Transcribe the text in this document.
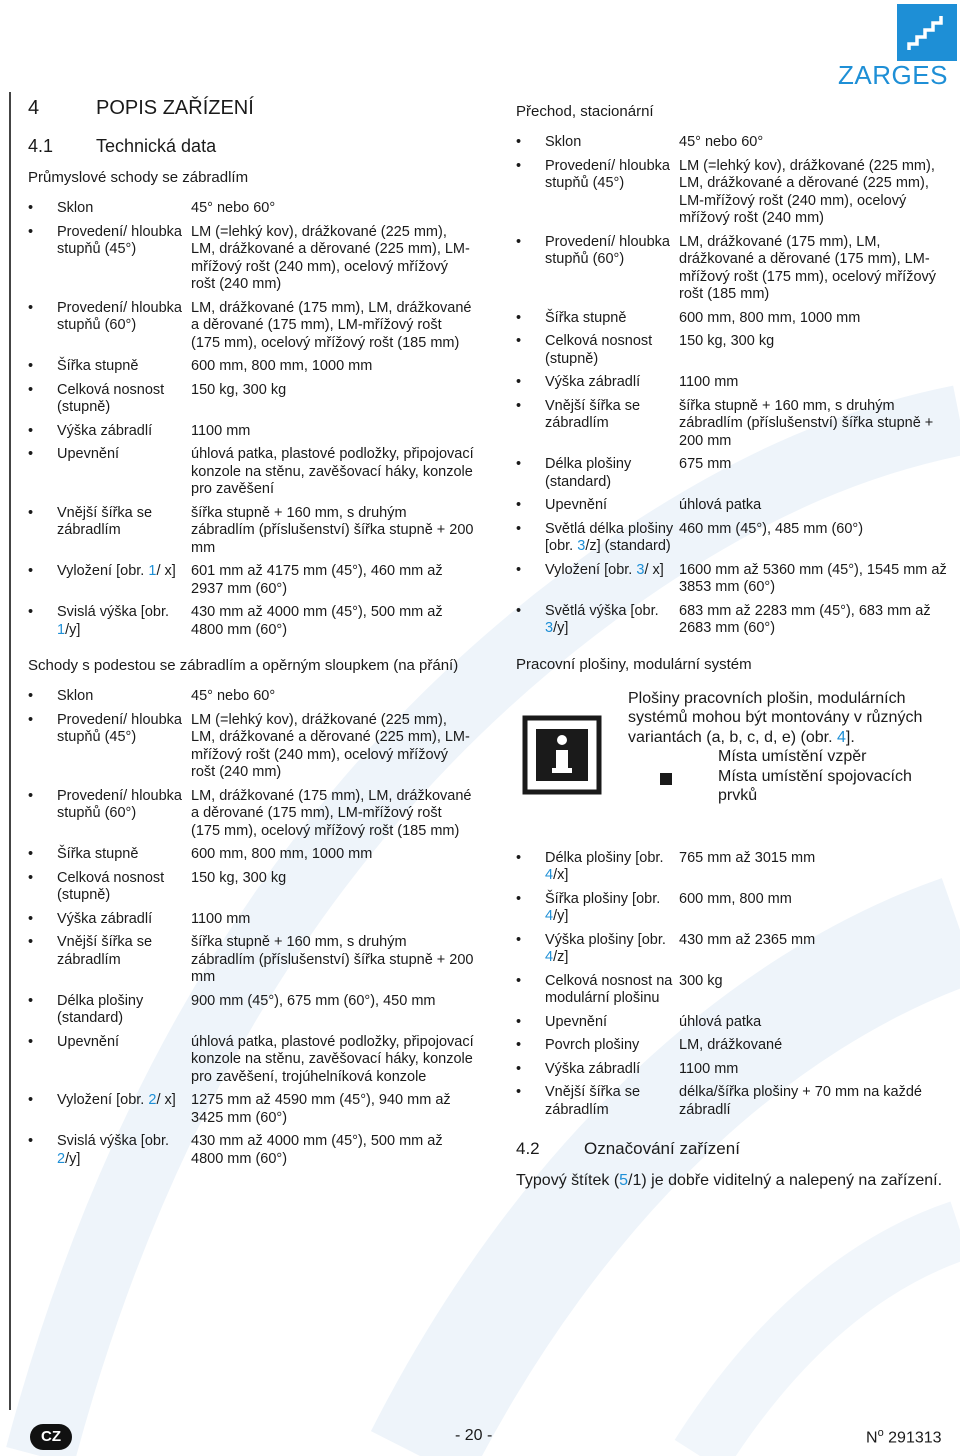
ZARGES
4	POPIS ZAŘÍZENÍ
4.1	Technická data
Průmyslové schody se zábradlím
•	Sklon	45° nebo 60°
•	Provedení/ hloubka stupňů (45°)
LM (=lehký kov), drážkované (225 mm), LM, drážkované a děrované (225 mm), LM-mřížový rošt (240 mm), ocelový mřížový rošt (240 mm)
•	Provedení/ hloubka stupňů (60°)
LM, drážkované (175 mm), LM, drážkované a děrované (175 mm), LM-mřížový rošt (175 mm), ocelový mřížový rošt (185 mm)
•	Šířka stupně	600 mm, 800 mm, 1000 mm
•	Celková nosnost (stupně)
150 kg, 300 kg
•	Výška zábradlí	1100 mm
•	Upevnění	úhlová patka, plastové podložky, připojovací konzole na stěnu, zavěšovací háky, konzole pro zavěšení
•	Vnější šířka se zábradlím
šířka stupně + 160 mm, s druhým zábradlím (příslušenství) šířka stupně + 200 mm
•	Vyložení [obr. 1/ x]	601 mm až 4175 mm (45°), 460 mm až 2937 mm (60°)
•	Svislá výška [obr. 1/y]
430 mm až 4000 mm (45°), 500 mm až 4800 mm (60°)
Schody s podestou se zábradlím a opěrným sloupkem (na přání)
•	Sklon	45° nebo 60°
•	Provedení/ hloubka stupňů (45°)
LM (=lehký kov), drážkované (225 mm), LM, drážkované a děrované (225 mm), LM-mřížový rošt (240 mm), ocelový mřížový rošt (240 mm)
•	Provedení/ hloubka stupňů (60°)
LM, drážkované (175 mm), LM, drážkované a děrované (175 mm), LM-mřížový rošt (175 mm), ocelový mřížový rošt (185 mm)
•	Šířka stupně	600 mm, 800 mm, 1000 mm
•	Celková nosnost (stupně)
150 kg, 300 kg
•	Výška zábradlí	1100 mm
•	Vnější šířka se zábradlím
šířka stupně + 160 mm, s druhým zábradlím (příslušenství) šířka stupně + 200 mm
•	Délka plošiny (standard)
900 mm (45°), 675 mm (60°), 450 mm
•	Upevnění	úhlová patka, plastové podložky, připojovací konzole na stěnu, zavěšovací háky, konzole pro zavěšení, trojúhelníková konzole
•	Vyložení [obr. 2/ x]	1275 mm až 4590 mm (45°), 940 mm až 3425 mm (60°)
•	Svislá výška [obr. 2/y]
430 mm až 4000 mm (45°), 500 mm až 4800 mm (60°)
Přechod, stacionární
•	Sklon	45° nebo 60°
•	Provedení/ hloubka stupňů (45°)
LM (=lehký kov), drážkované (225 mm), LM, drážkované a děrované (225 mm), LM-mřížový rošt (240 mm), ocelový mřížový rošt (240 mm)
•	Provedení/ hloubka stupňů (60°)
LM, drážkované (175 mm), LM, drážkované a děrované (175 mm), LM-mřížový rošt (175 mm), ocelový mřížový rošt (185 mm)
•	Šířka stupně	600 mm, 800 mm, 1000 mm
•	Celková nosnost (stupně)
150 kg, 300 kg
•	Výška zábradlí	1100 mm
•	Vnější šířka se zábradlím
šířka stupně + 160 mm, s druhým zábradlím (příslušenství) šířka stupně + 200 mm
•	Délka plošiny (standard)
675 mm
•	Upevnění	úhlová patka
•	Světlá délka plošiny [obr. 3/z] (standard)
460 mm (45°), 485 mm (60°)
•	Vyložení [obr. 3/ x]	1600 mm až 5360 mm (45°), 1545 mm až 3853 mm (60°)
•	Světlá výška [obr. 3/y]
683 mm až 2283 mm (45°), 683 mm až 2683 mm (60°)
Pracovní plošiny, modulární systém
Plošiny pracovních plošin, modulárních systémů mohou být montovány v různých variantách (a, b, c, d, e) (obr. 4].
Místa umístění vzpěr
Místa umístění spojovacích prvků
•	Délka plošiny [obr. 4/x]
765 mm až 3015 mm
•	Šířka plošiny [obr. 4/y]
600 mm, 800 mm
•	Výška plošiny [obr. 4/z]
430 mm až 2365 mm
•	Celková nosnost na modulární plošinu
300 kg
•	Upevnění	úhlová patka
•	Povrch plošiny	LM, drážkované
•	Výška zábradlí	1100 mm
•	Vnější šířka se zábradlím
délka/šířka plošiny + 70 mm na každé zábradlí
4.2	Označování zařízení

Typový štítek (5/1) je dobře viditelný a nalepený na zařízení.

CZ	- 20 -	$N^o$ 291313
